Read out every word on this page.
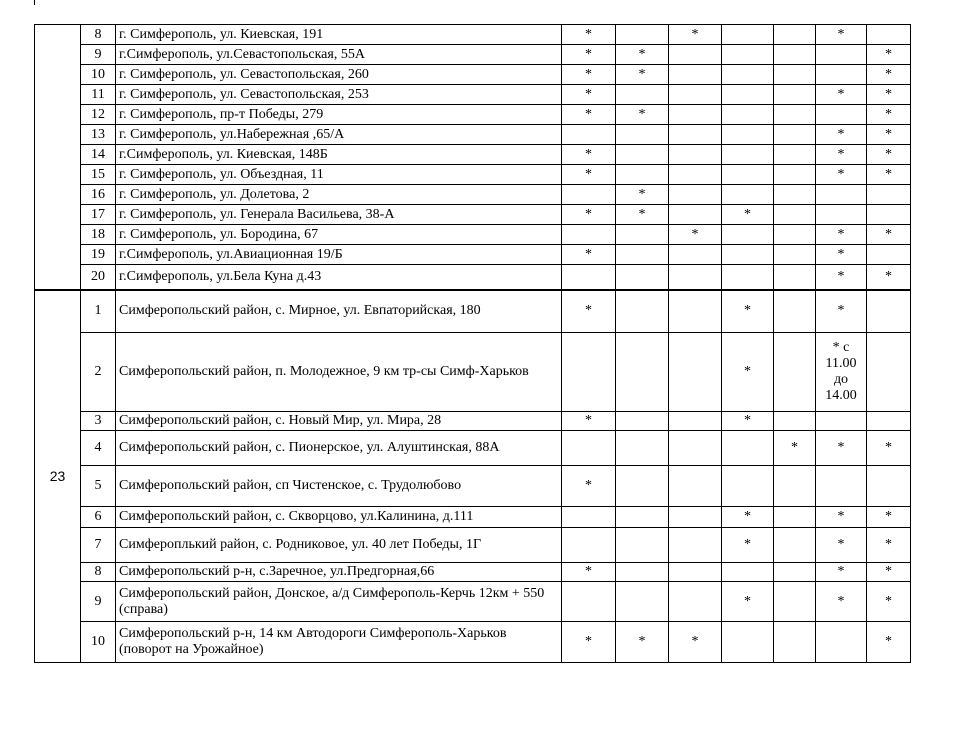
	8	г. Симферополь, ул. Киевская, 191	*		*			*	
	9	г.Симферополь, ул.Севастопольская, 55А	*	*					*
	10	г. Симферополь, ул. Севастопольская, 260	*	*					*
	11	г. Симферополь, ул. Севастопольская, 253	*					*	*
	12	г. Симферополь, пр-т Победы, 279	*	*					*
	13	г. Симферополь, ул.Набережная ,65/А						*	*
	14	г.Симферополь, ул. Киевская, 148Б	*					*	*
	15	г. Симферополь, ул. Объездная, 11	*					*	*
	16	г. Симферополь, ул. Долетова, 2		*					
	17	г. Симферополь, ул. Генерала Васильева, 38-А	*	*		*			
	18	г. Симферополь, ул. Бородина, 67			*			*	*
	19	г.Симферополь, ул.Авиационная 19/Б	*					*	
	20	г.Симферополь, ул.Бела Куна д.43						*	*
23	1	Симферопольский район, с. Мирное, ул. Евпаторийская, 180	*			*		*	
	2	Симферопольский район, п. Молодежное, 9 км тр-сы Симф-Харьков				*		* с 11.00 до 14.00	
	3	Симферопольский район, с. Новый Мир, ул. Мира, 28	*			*			
	4	Симферопольский район, с. Пионерское, ул. Алуштинская, 88А					*	*	*
	5	Симферопольский район, сп Чистенское, с. Трудолюбово	*						
	6	Симферопольский район, с. Скворцово, ул.Калинина, д.111				*		*	*
	7	Симфероплький район, с. Родниковое, ул. 40 лет Победы, 1Г				*		*	*
	8	Симферопольский р-н, с.Заречное, ул.Предгорная,66	*					*	*
	9	Симферопольский район, Донское, а/д Симферополь-Керчь 12км + 550 (справа)				*		*	*
	10	Симферопольский р-н, 14 км Автодороги Симферополь-Харьков (поворот на Урожайное)	*	*	*				*
